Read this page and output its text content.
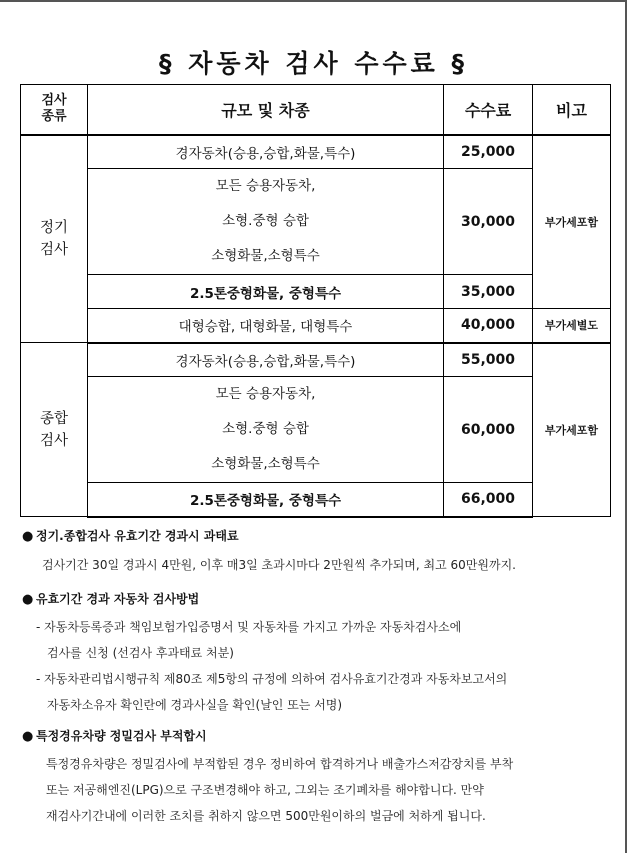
§ 자동차 검사 수수료 §
검사
종류	규모 및 차종	수수료	비고
정기
검사	경자동차(승용,승합,화물,특수)	25,000	부가세포함

	모든 승용자동차,
소형.중형 승합
소형화물,소형특수	30,000	
	2.5톤중형화물, 중형특수	35,000	
	대형승합, 대형화물, 대형특수	40,000	부가세별도
종합
검사	경자동차(승용,승합,화물,특수)	55,000	부가세포함

	모든 승용자동차,
소형.중형 승합
소형화물,소형특수	60,000	
	2.5톤중형화물, 중형특수	66,000	
● 정기.종합검사 유효기간 경과시 과태료
검사기간 30일 경과시 4만원, 이후 매3일 초과시마다 2만원씩 추가되며, 최고 60만원까지.
● 유효기간 경과 자동차 검사방법
- 자동차등록증과 책임보험가입증명서 및 자동차를 가지고 가까운 자동차검사소에
검사를 신청 (선검사 후과태료 처분)
- 자동차관리법시행규칙 제80조 제5항의 규정에 의하여 검사유효기간경과 자동차보고서의
자동차소유자 확인란에 경과사실을 확인(날인 또는 서명)
● 특정경유차량 정밀검사 부적합시
특정경유차량은 정밀검사에 부적합된 경우 정비하여 합격하거나 배출가스저감장치를 부착
또는 저공해엔진(LPG)으로 구조변경해야 하고, 그외는 조기폐차를 해야합니다. 만약
재검사기간내에 이러한 조치를 취하지 않으면 500만원이하의 벌금에 처하게 됩니다.
